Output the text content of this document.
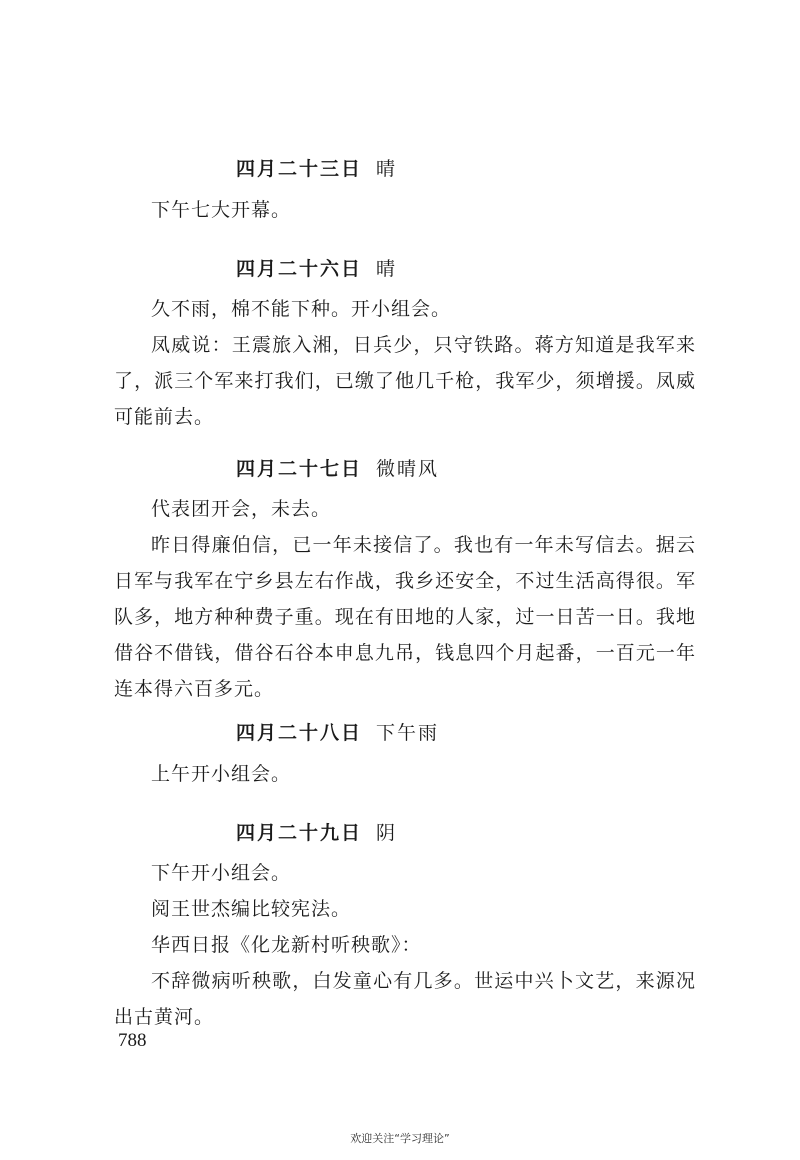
四月二十三日 晴

下午七大开幕。

四月二十六日 晴

久不雨，棉不能下种。开小组会。

凤威说：王震旅入湘，日兵少，只守铁路。蒋方知道是我军来了，派三个军来打我们，已缴了他几千枪，我军少，须增援。凤威可能前去。

四月二十七日 微晴风

代表团开会，未去。

昨日得廉伯信，已一年未接信了。我也有一年未写信去。据云日军与我军在宁乡县左右作战，我乡还安全，不过生活高得很。军队多，地方种种费子重。现在有田地的人家，过一日苦一日。我地借谷不借钱，借谷石谷本申息九吊，钱息四个月起番，一百元一年连本得六百多元。

四月二十八日 下午雨

上午开小组会。

四月二十九日 阴

下午开小组会。

阅王世杰编比较宪法。

华西日报《化龙新村听秧歌》：

不辞微病听秧歌，白发童心有几多。世运中兴卜文艺，来源况出古黄河。

788
欢迎关注“学习理论”
